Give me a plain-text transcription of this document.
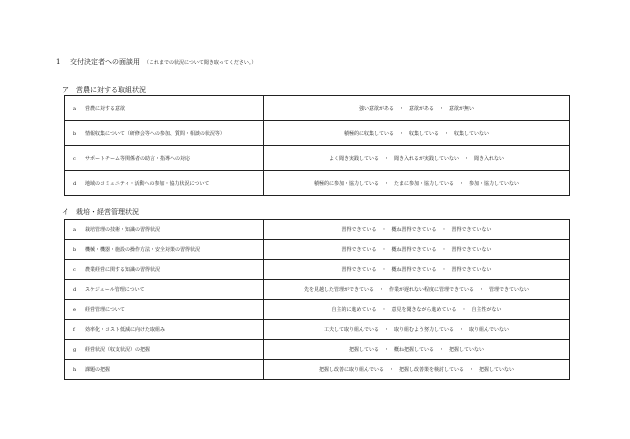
1 交付決定者への面談用 （これまでの状況について聞き取ってください。）
ア 営農に対する取組状況
a 営農に対する意欲	強い意欲がある　・　意欲がある　・　意欲が無い
b 情報収集について（研修会等への参加、質問・相談の状況等）	積極的に収集している　・　収集している　・　収集していない
c サポートチーム等関係者の助言・指導への対応	よく聞き実践している　・　聞き入れるが実践していない　・　聞き入れない
d 地域のコミュニティ・活動への参加・協力状況について	積極的に参加・協力している　・　たまに参加・協力している　・　参加・協力していない
イ 栽培・経営管理状況
a 栽培管理の技術・知識の習得状況	習得できている　・　概ね習得できている　・　習得できていない
b 機械・機器・施設の操作方法・安全対策の習得状況	習得できている　・　概ね習得できている　・　習得できていない
c 農業経営に関する知識の習得状況	習得できている　・　概ね習得できている　・　習得できていない
d スケジュール管理について	先を見越した管理ができている　・　作業が遅れない程度に管理できている　・　管理できていない
e 経営管理について	自主的に進めている　・　意見を聞きながら進めている　・　自主性がない
f 効率化・コスト低減に向けた取組み	工夫して取り組んでいる　・　取り組むよう努力している　・　取り組んでいない
g 経営状況（収支状況）の把握	把握している　・　概ね把握している　・　把握していない
h 課題の把握	把握し改善に取り組んでいる　・　把握し改善策を検討している　・　把握していない
